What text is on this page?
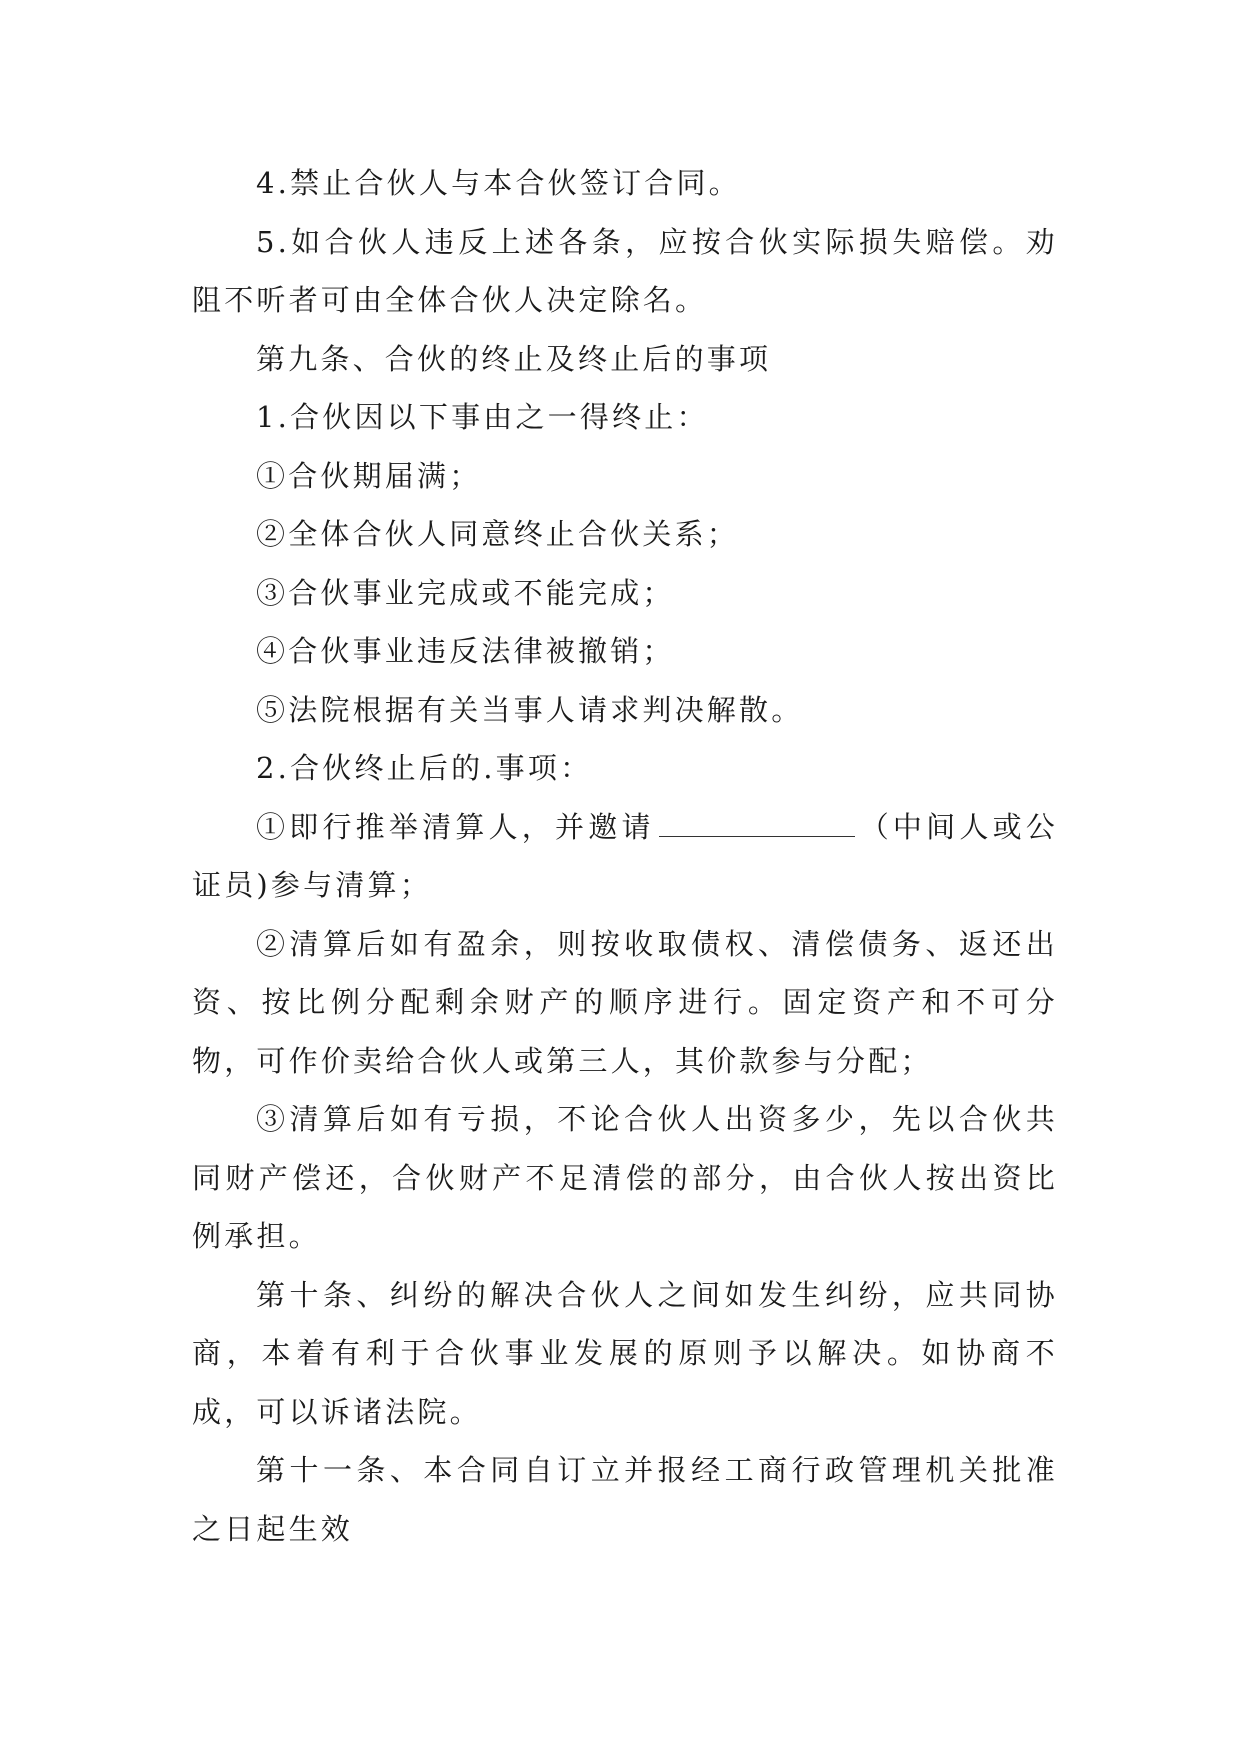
4.禁止合伙人与本合伙签订合同。

5.如合伙人违反上述各条，应按合伙实际损失赔偿。劝阻不听者可由全体合伙人决定除名。

第九条、合伙的终止及终止后的事项

1.合伙因以下事由之一得终止：

①合伙期届满；

②全体合伙人同意终止合伙关系；

③合伙事业完成或不能完成；

④合伙事业违反法律被撤销；

⑤法院根据有关当事人请求判决解散。

2.合伙终止后的.事项：

①即行推举清算人，并邀请	（中间人或公证员)参与清算；

②清算后如有盈余，则按收取债权、清偿债务、返还出资、按比例分配剩余财产的顺序进行。固定资产和不可分物，可作价卖给合伙人或第三人，其价款参与分配；

③清算后如有亏损，不论合伙人出资多少，先以合伙共同财产偿还，合伙财产不足清偿的部分，由合伙人按出资比例承担。

第十条、纠纷的解决合伙人之间如发生纠纷，应共同协商，本着有利于合伙事业发展的原则予以解决。如协商不成，可以诉诸法院。

第十一条、本合同自订立并报经工商行政管理机关批准之日起生效
